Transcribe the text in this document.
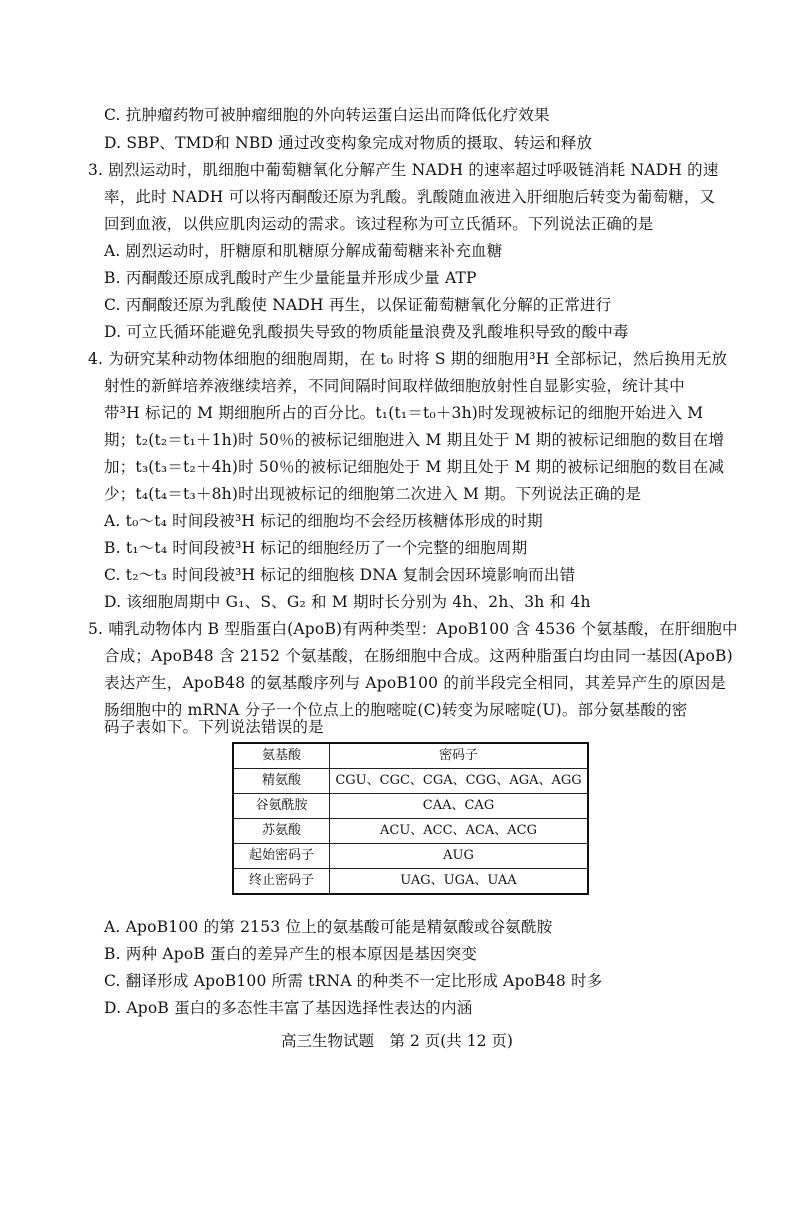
C. 抗肿瘤药物可被肿瘤细胞的外向转运蛋白运出而降低化疗效果
D. SBP、TMD和 NBD 通过改变构象完成对物质的摄取、转运和释放
3. 剧烈运动时，肌细胞中葡萄糖氧化分解产生 NADH 的速率超过呼吸链消耗 NADH 的速
率，此时 NADH 可以将丙酮酸还原为乳酸。乳酸随血液进入肝细胞后转变为葡萄糖，又
回到血液，以供应肌肉运动的需求。该过程称为可立氏循环。下列说法正确的是
A. 剧烈运动时，肝糖原和肌糖原分解成葡萄糖来补充血糖
B. 丙酮酸还原成乳酸时产生少量能量并形成少量 ATP
C. 丙酮酸还原为乳酸使 NADH 再生，以保证葡萄糖氧化分解的正常进行
D. 可立氏循环能避免乳酸损失导致的物质能量浪费及乳酸堆积导致的酸中毒
4. 为研究某种动物体细胞的细胞周期，在 t₀ 时将 S 期的细胞用³H 全部标记，然后换用无放
射性的新鲜培养液继续培养，不同间隔时间取样做细胞放射性自显影实验，统计其中
带³H 标记的 M 期细胞所占的百分比。t₁(t₁＝t₀＋3h)时发现被标记的细胞开始进入 M
期；t₂(t₂＝t₁＋1h)时 50％的被标记细胞进入 M 期且处于 M 期的被标记细胞的数目在增
加；t₃(t₃＝t₂＋4h)时 50％的被标记细胞处于 M 期且处于 M 期的被标记细胞的数目在减
少；t₄(t₄＝t₃＋8h)时出现被标记的细胞第二次进入 M 期。下列说法正确的是
A. t₀～t₄ 时间段被³H 标记的细胞均不会经历核糖体形成的时期
B. t₁～t₄ 时间段被³H 标记的细胞经历了一个完整的细胞周期
C. t₂～t₃ 时间段被³H 标记的细胞核 DNA 复制会因环境影响而出错
D. 该细胞周期中 G₁、S、G₂ 和 M 期时长分别为 4h、2h、3h 和 4h
5. 哺乳动物体内 B 型脂蛋白(ApoB)有两种类型：ApoB100 含 4536 个氨基酸，在肝细胞中
合成；ApoB48 含 2152 个氨基酸，在肠细胞中合成。这两种脂蛋白均由同一基因(ApoB)
表达产生，ApoB48 的氨基酸序列与 ApoB100 的前半段完全相同，其差异产生的原因是
肠细胞中的 mRNA 分子一个位点上的胞嘧啶(C)转变为尿嘧啶(U)。部分氨基酸的密
码子表如下。下列说法错误的是
氨基酸	密码子
精氨酸	CGU、CGC、CGA、CGG、AGA、AGG
谷氨酰胺	CAA、CAG
苏氨酸	ACU、ACC、ACA、ACG
起始密码子	AUG
终止密码子	UAG、UGA、UAA
A. ApoB100 的第 2153 位上的氨基酸可能是精氨酸或谷氨酰胺
B. 两种 ApoB 蛋白的差异产生的根本原因是基因突变
C. 翻译形成 ApoB100 所需 tRNA 的种类不一定比形成 ApoB48 时多
D. ApoB 蛋白的多态性丰富了基因选择性表达的内涵
高三生物试题　第 2 页(共 12 页)
